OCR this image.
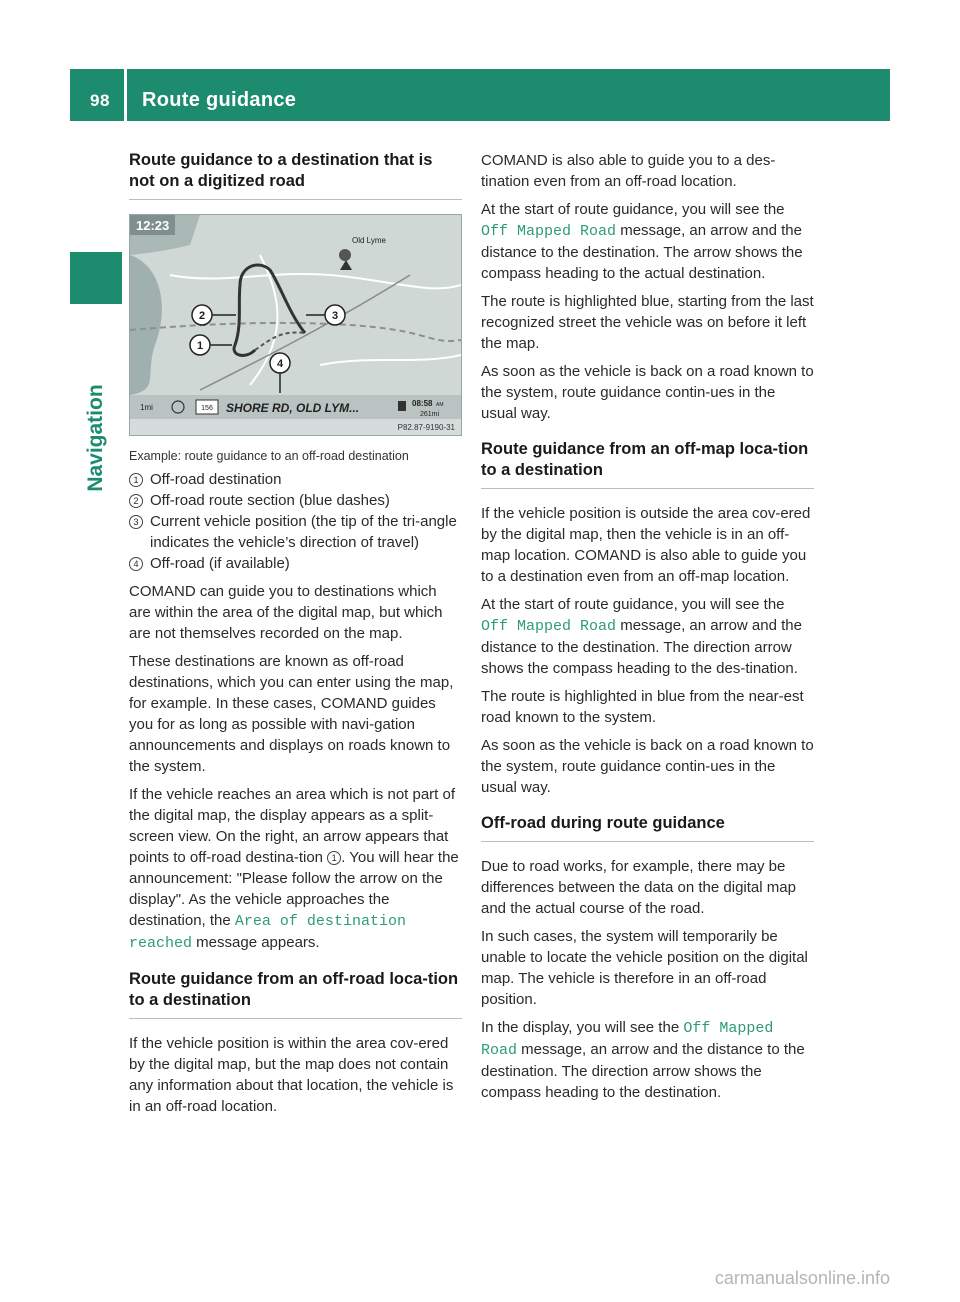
98 Route guidance
Navigation
Route guidance to a destination that is not on a digitized road
Old Lyme
12:23
2
1
3
4
1mi	156 SHORE RD, OLD LYM...	08:58 AM
261mi
P82.87-9190-31
Example: route guidance to an off-road destination
1 Off-road destination
2 Off-road route section (blue dashes)
3 Current vehicle position (the tip of the tri-angle indicates the vehicle’s direction of travel)
4 Off-road (if available)

COMAND can guide you to destinations which are within the area of the digital map, but which are not themselves recorded on the map.

These destinations are known as off-road destinations, which you can enter using the map, for example. In these cases, COMAND guides you for as long as possible with navi-gation announcements and displays on roads known to the system.

If the vehicle reaches an area which is not part of the digital map, the display appears as a split-screen view. On the right, an arrow appears that points to off-road destina-tion 1 . You will hear the announcement: "Please follow the arrow on the display". As the vehicle approaches the destination, the Area of destination reached message appears.

Route guidance from an off-road loca-tion to a destination

If the vehicle position is within the area cov-ered by the digital map, but the map does not contain any information about that location, the vehicle is in an off-road location.

COMAND is also able to guide you to a des-tination even from an off-road location.

At the start of route guidance, you will see the Off Mapped Road message, an arrow and the distance to the destination. The arrow shows the compass heading to the actual destination.

The route is highlighted blue, starting from the last recognized street the vehicle was on before it left the map.

As soon as the vehicle is back on a road known to the system, route guidance contin-ues in the usual way.

Route guidance from an off-map loca-tion to a destination

If the vehicle position is outside the area cov-ered by the digital map, then the vehicle is in an off-map location. COMAND is also able to guide you to a destination even from an off-map location.

At the start of route guidance, you will see the Off Mapped Road message, an arrow and the distance to the destination. The direction arrow shows the compass heading to the des-tination.

The route is highlighted in blue from the near-est road known to the system.

As soon as the vehicle is back on a road known to the system, route guidance contin-ues in the usual way.

Off-road during route guidance

Due to road works, for example, there may be differences between the data on the digital map and the actual course of the road.

In such cases, the system will temporarily be unable to locate the vehicle position on the digital map. The vehicle is therefore in an off-road position.

In the display, you will see the Off Mapped Road message, an arrow and the distance to the destination. The direction arrow shows the compass heading to the destination.

carmanualsonline.info
